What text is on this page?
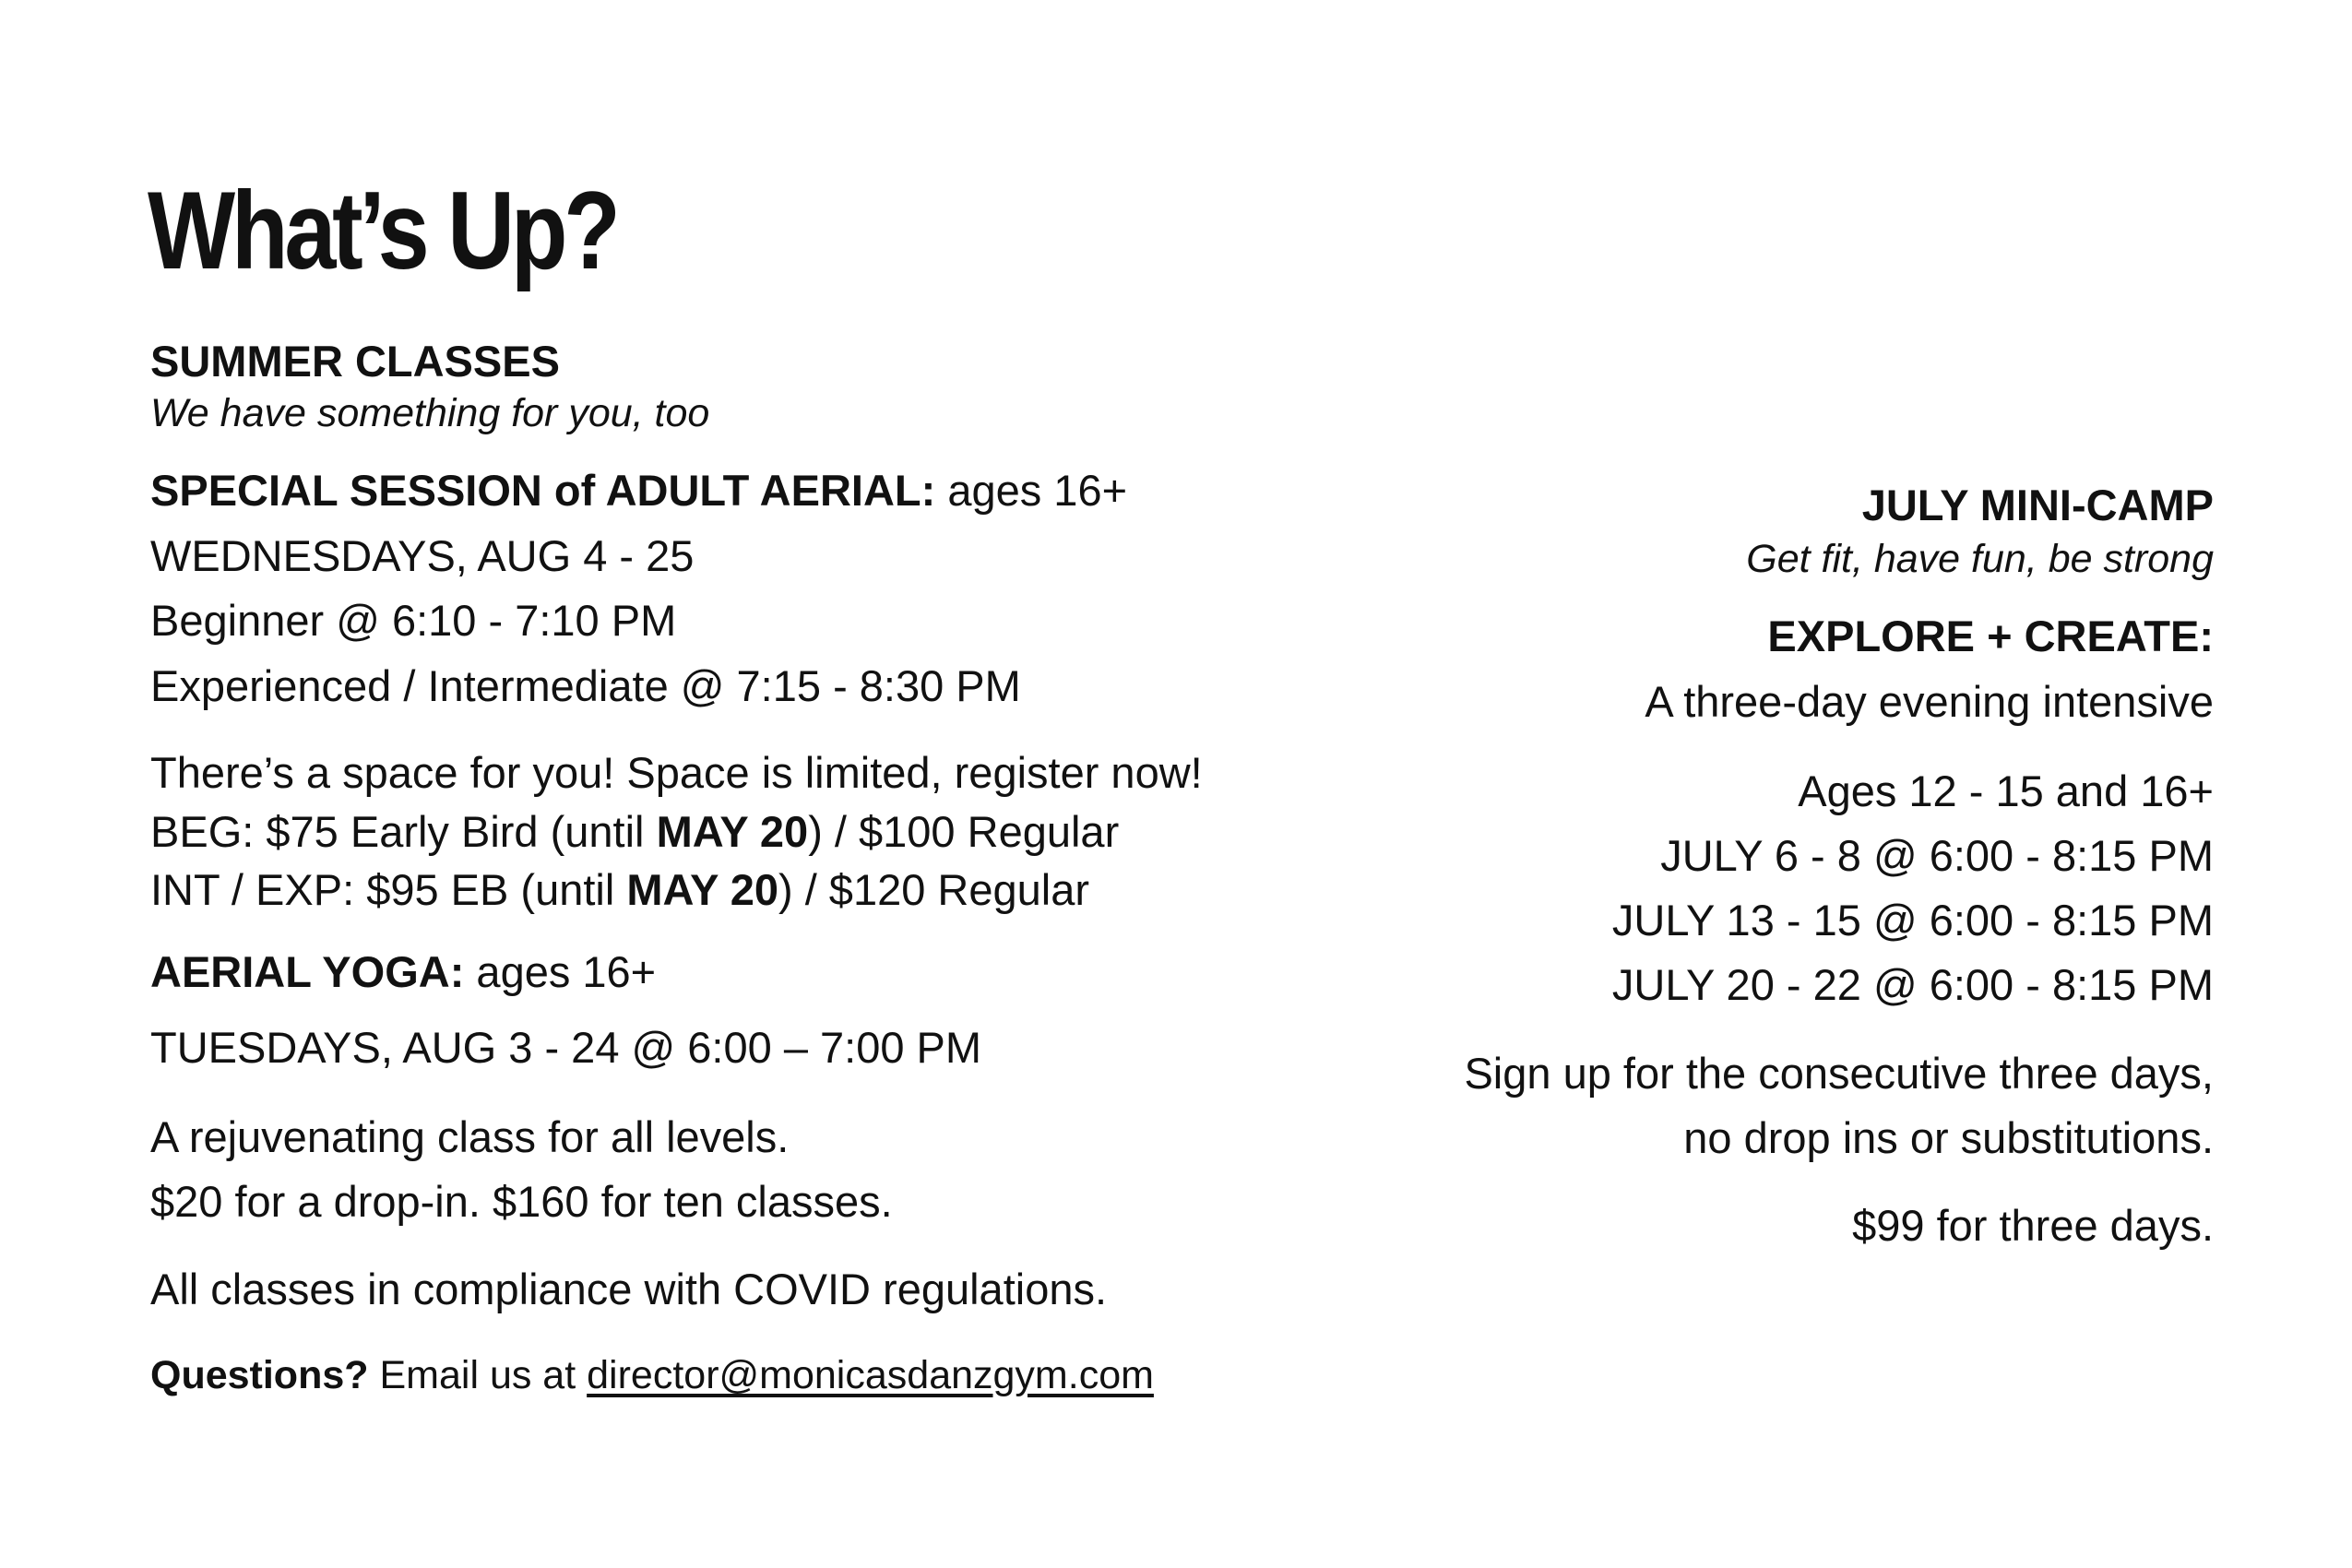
What’s Up?
SUMMER CLASSES
We have something for you, too
SPECIAL SESSION of ADULT AERIAL: ages 16+
WEDNESDAYS, AUG 4 - 25
Beginner @ 6:10 - 7:10 PM
Experienced / Intermediate @ 7:15 - 8:30 PM
There’s a space for you! Space is limited, register now!
BEG: $75 Early Bird (until MAY 20) / $100 Regular
INT / EXP: $95 EB (until MAY 20) / $120 Regular
AERIAL YOGA: ages 16+
TUESDAYS, AUG 3 - 24 @ 6:00 – 7:00 PM
A rejuvenating class for all levels.
$20 for a drop-in. $160 for ten classes.
All classes in compliance with COVID regulations.
Questions? Email us at director@monicasdanzgym.com
JULY MINI-CAMP
Get fit, have fun, be strong
EXPLORE + CREATE:
A three-day evening intensive
Ages 12 - 15 and 16+
JULY 6 - 8 @ 6:00 - 8:15 PM
JULY 13 - 15 @ 6:00 - 8:15 PM
JULY 20 - 22 @ 6:00 - 8:15 PM
Sign up for the consecutive three days,
no drop ins or substitutions.
$99 for three days.
